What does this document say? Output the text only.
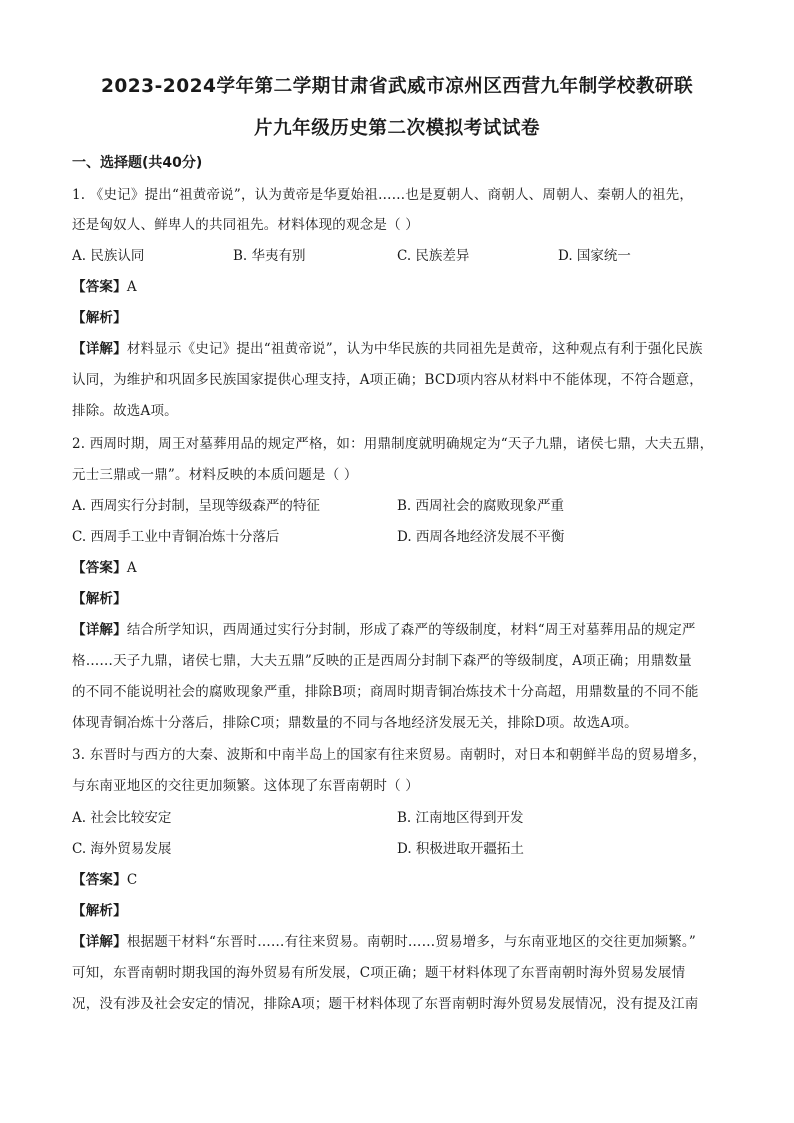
2023-2024学年第二学期甘肃省武威市凉州区西营九年制学校教研联
片九年级历史第二次模拟考试试卷
一、选择题(共40分)
1. 《史记》提出“祖黄帝说”，认为黄帝是华夏始祖……也是夏朝人、商朝人、周朝人、秦朝人的祖先，
还是匈奴人、鲜卑人的共同祖先。材料体现的观念是（ ）
A. 民族认同	B. 华夷有别	C. 民族差异	D. 国家统一
【答案】A
【解析】
【详解】材料显示《史记》提出“祖黄帝说”，认为中华民族的共同祖先是黄帝，这种观点有利于强化民族
认同，为维护和巩固多民族国家提供心理支持，A项正确；BCD项内容从材料中不能体现，不符合题意，
排除。故选A项。
2. 西周时期，周王对墓葬用品的规定严格，如：用鼎制度就明确规定为“天子九鼎，诸侯七鼎，大夫五鼎，
元士三鼎或一鼎”。材料反映的本质问题是（ ）
A. 西周实行分封制，呈现等级森严的特征	B. 西周社会的腐败现象严重
C. 西周手工业中青铜冶炼十分落后	D. 西周各地经济发展不平衡
【答案】A
【解析】
【详解】结合所学知识，西周通过实行分封制，形成了森严的等级制度，材料“周王对墓葬用品的规定严
格……天子九鼎，诸侯七鼎，大夫五鼎”反映的正是西周分封制下森严的等级制度，A项正确；用鼎数量
的不同不能说明社会的腐败现象严重，排除B项；商周时期青铜冶炼技术十分高超，用鼎数量的不同不能
体现青铜冶炼十分落后，排除C项；鼎数量的不同与各地经济发展无关，排除D项。故选A项。
3. 东晋时与西方的大秦、波斯和中南半岛上的国家有往来贸易。南朝时，对日本和朝鲜半岛的贸易增多，
与东南亚地区的交往更加频繁。这体现了东晋南朝时（ ）
A. 社会比较安定	B. 江南地区得到开发
C. 海外贸易发展	D. 积极进取开疆拓土
【答案】C
【解析】
【详解】根据题干材料“东晋时……有往来贸易。南朝时……贸易增多，与东南亚地区的交往更加频繁。”
可知，东晋南朝时期我国的海外贸易有所发展，C项正确；题干材料体现了东晋南朝时海外贸易发展情
况，没有涉及社会安定的情况，排除A项；题干材料体现了东晋南朝时海外贸易发展情况，没有提及江南
